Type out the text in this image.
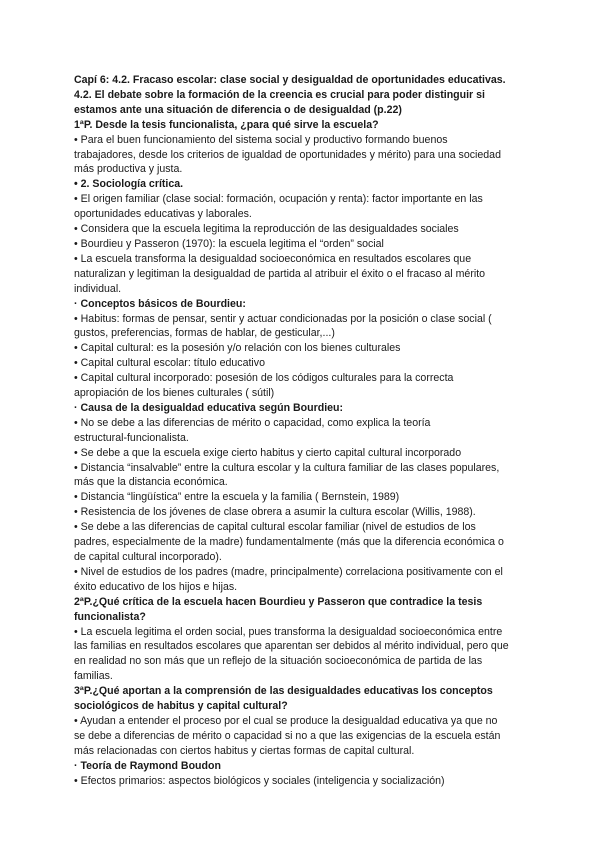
Capí 6: 4.2. Fracaso escolar: clase social y desigualdad de oportunidades educativas.
4.2. El debate sobre la formación de la creencia es crucial para poder distinguir si
estamos ante una situación de diferencia o de desigualdad (p.22)
1ªP. Desde la tesis funcionalista, ¿para qué sirve la escuela?
• Para el buen funcionamiento del sistema social y productivo formando buenos
trabajadores, desde los criterios de igualdad de oportunidades y mérito) para una sociedad
más productiva y justa.
• 2. Sociología crítica.
• El origen familiar (clase social: formación, ocupación y renta): factor importante en las
oportunidades educativas y laborales.
• Considera que la escuela legitima la reproducción de las desigualdades sociales
• Bourdieu y Passeron (1970): la escuela legitima el “orden” social
• La escuela transforma la desigualdad socioeconómica en resultados escolares que
naturalizan y legitiman la desigualdad de partida al atribuir el éxito o el fracaso al mérito
individual.
· Conceptos básicos de Bourdieu:
• Habitus: formas de pensar, sentir y actuar condicionadas por la posición o clase social (
gustos, preferencias, formas de hablar, de gesticular,...)
• Capital cultural: es la posesión y/o relación con los bienes culturales
• Capital cultural escolar: título educativo
• Capital cultural incorporado: posesión de los códigos culturales para la correcta
apropiación de los bienes culturales ( sútil)
· Causa de la desigualdad educativa según Bourdieu:
• No se debe a las diferencias de mérito o capacidad, como explica la teoría
estructural-funcionalista.
• Se debe a que la escuela exige cierto habitus y cierto capital cultural incorporado
• Distancia “insalvable” entre la cultura escolar y la cultura familiar de las clases populares,
más que la distancia económica.
• Distancia “lingüística” entre la escuela y la familia ( Bernstein, 1989)
• Resistencia de los jóvenes de clase obrera a asumir la cultura escolar (Willis, 1988).
• Se debe a las diferencias de capital cultural escolar familiar (nivel de estudios de los
padres, especialmente de la madre) fundamentalmente (más que la diferencia económica o
de capital cultural incorporado).
• Nivel de estudios de los padres (madre, principalmente) correlaciona positivamente con el
éxito educativo de los hijos e hijas.
2ªP.¿Qué crítica de la escuela hacen Bourdieu y Passeron que contradice la tesis
funcionalista?
• La escuela legitima el orden social, pues transforma la desigualdad socioeconómica entre
las familias en resultados escolares que aparentan ser debidos al mérito individual, pero que
en realidad no son más que un reflejo de la situación socioeconómica de partida de las
familias.
3ªP.¿Qué aportan a la comprensión de las desigualdades educativas los conceptos
sociológicos de habitus y capital cultural?
• Ayudan a entender el proceso por el cual se produce la desigualdad educativa ya que no
se debe a diferencias de mérito o capacidad si no a que las exigencias de la escuela están
más relacionadas con ciertos habitus y ciertas formas de capital cultural.
· Teoría de Raymond Boudon
• Efectos primarios: aspectos biológicos y sociales (inteligencia y socialización)
